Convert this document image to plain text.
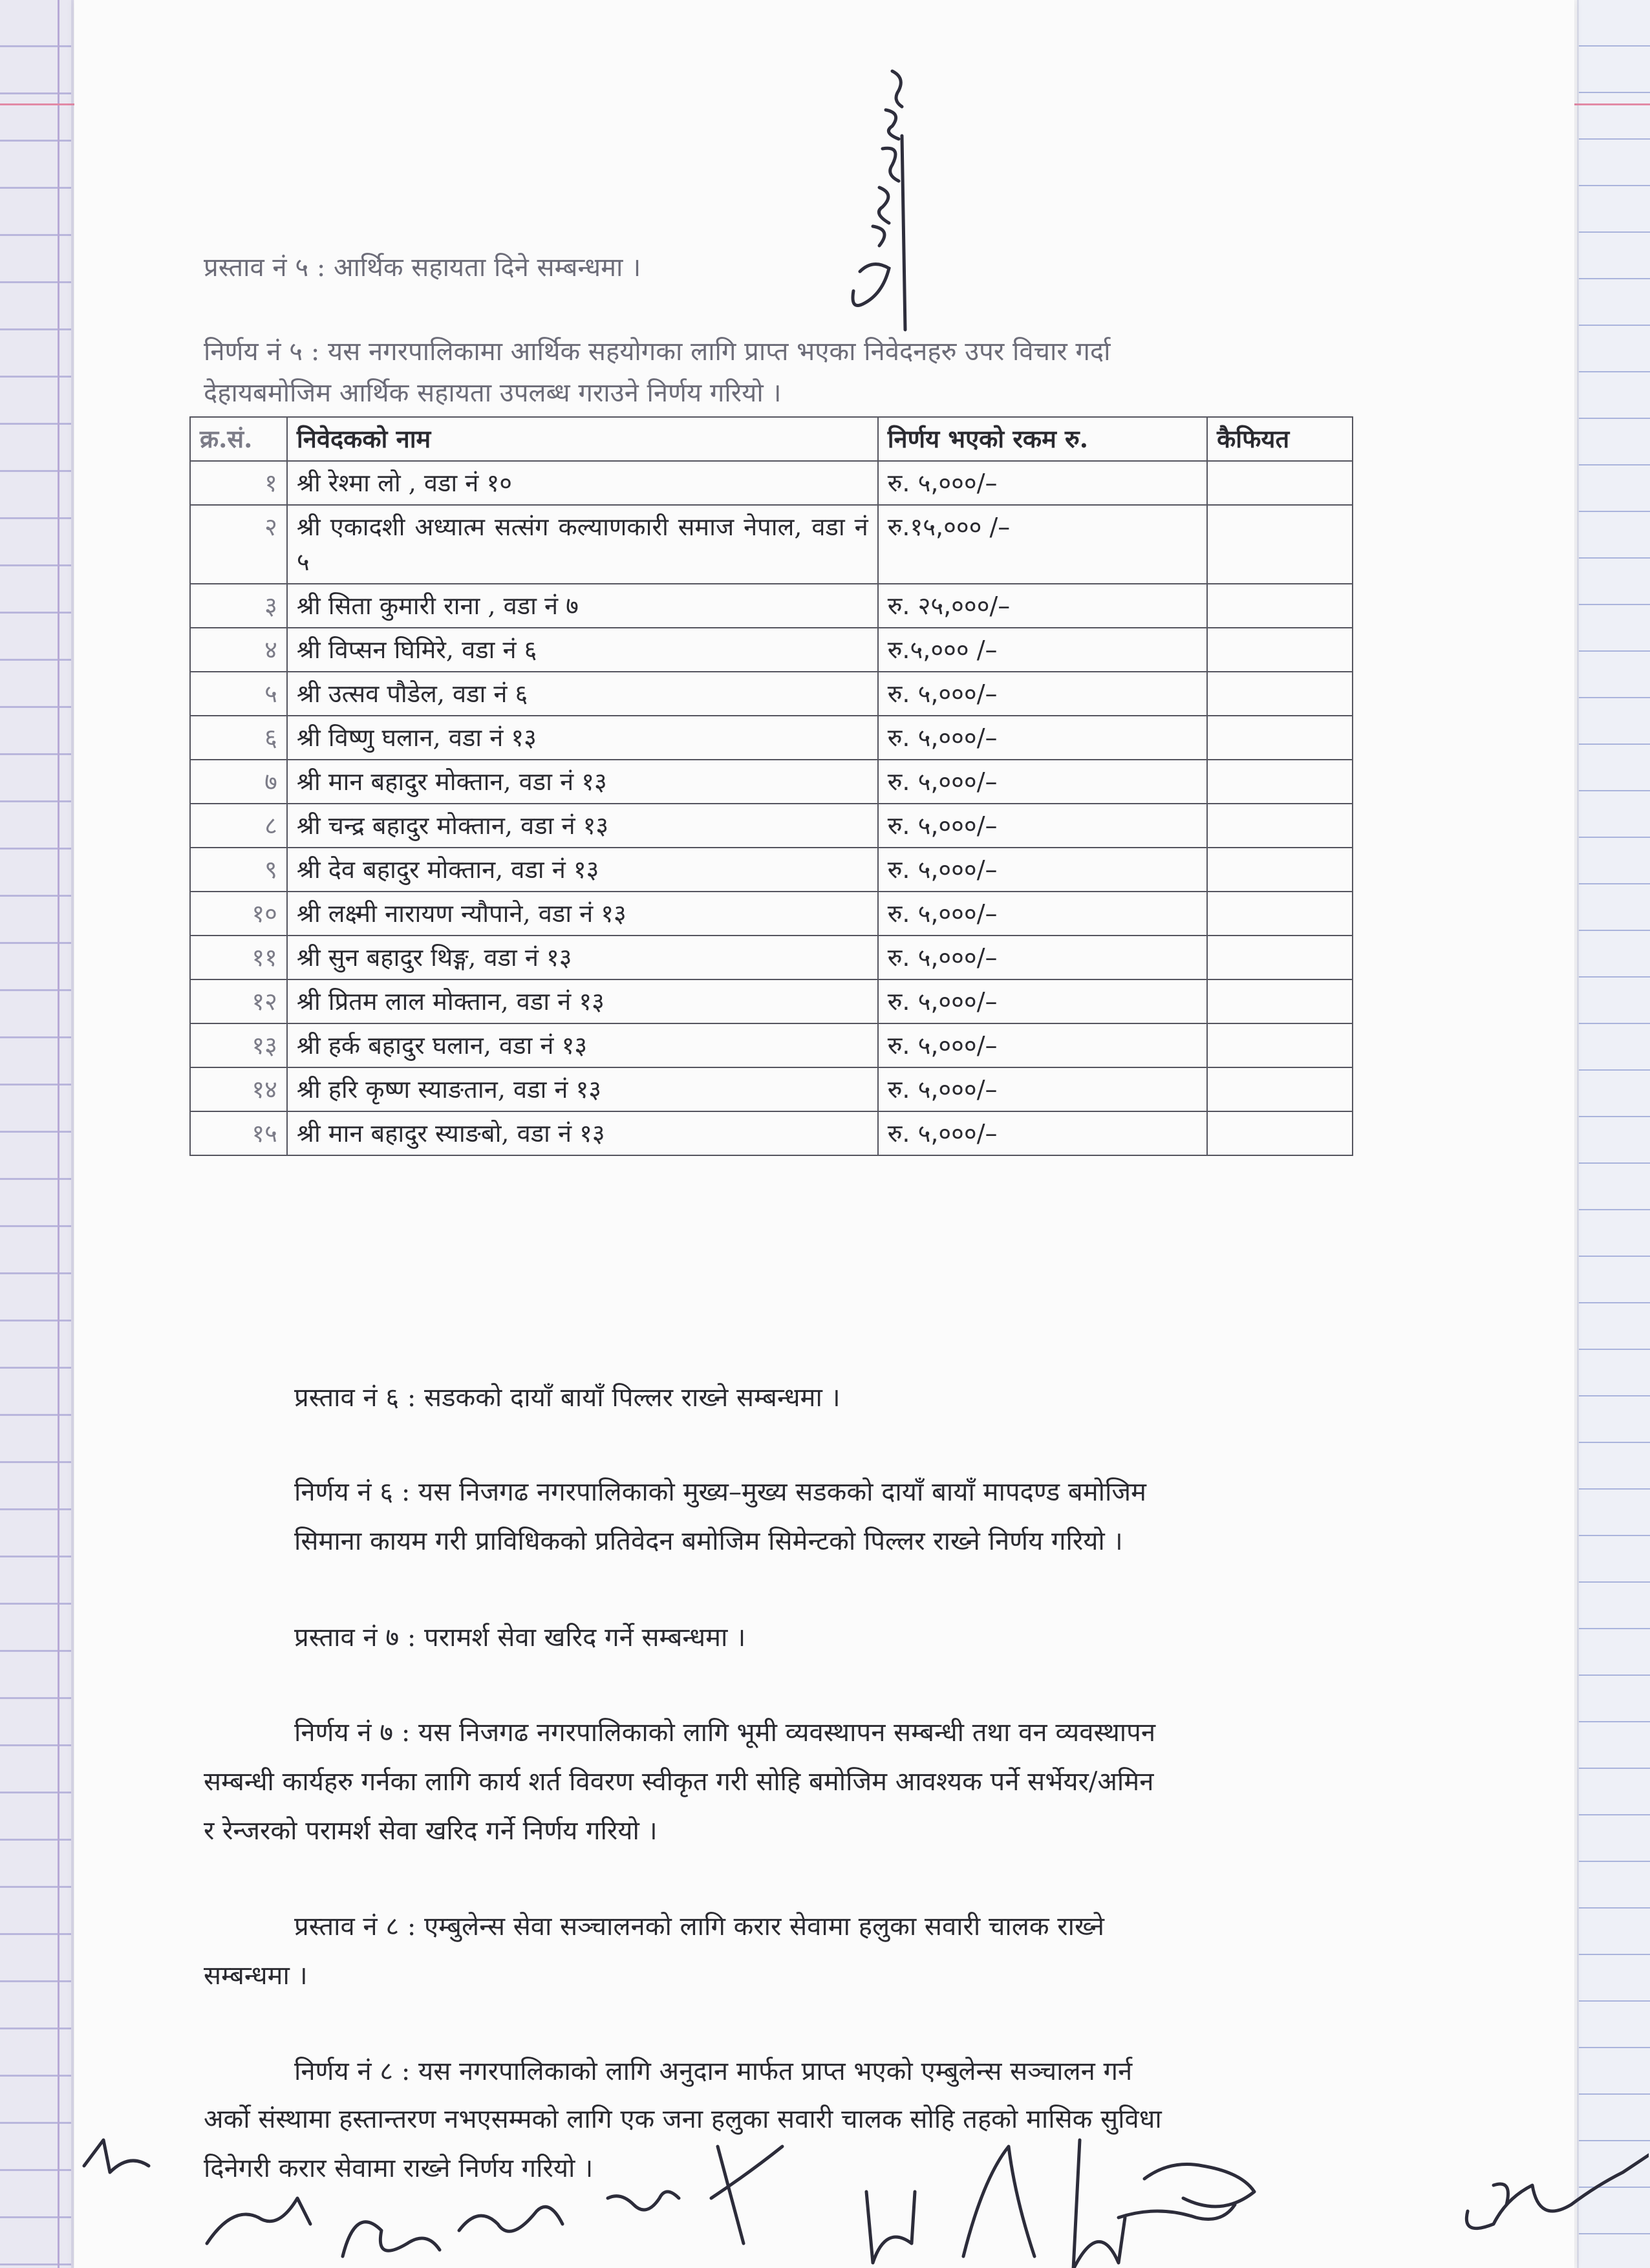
प्रस्ताव नं ५ : आर्थिक सहायता दिने सम्बन्धमा ।
निर्णय नं ५ : यस नगरपालिकामा आर्थिक सहयोगका लागि प्राप्त भएका निवेदनहरु उपर विचार गर्दा
देहायबमोजिम आर्थिक सहायता उपलब्ध गराउने निर्णय गरियो ।
क्र.सं.	निवेदकको नाम	निर्णय भएको रकम रु.	कैफियत
१	श्री रेश्मा लो , वडा नं १०	रु. ५,०००/–	
२	श्री एकादशी अध्यात्म सत्संग कल्याणकारी समाज नेपाल, वडा नं ५	रु.१५,००० /–	
३	श्री सिता कुमारी राना , वडा नं ७	रु. २५,०००/–	
४	श्री विप्सन घिमिरे, वडा नं ६	रु.५,००० /–	
५	श्री उत्सव पौडेल, वडा नं ६	रु. ५,०००/–	
६	श्री विष्णु घलान, वडा नं १३	रु. ५,०००/–	
७	श्री मान बहादुर मोक्तान, वडा नं १३	रु. ५,०००/–	
८	श्री चन्द्र बहादुर मोक्तान, वडा नं १३	रु. ५,०००/–	
९	श्री देव बहादुर मोक्तान, वडा नं १३	रु. ५,०००/–	
१०	श्री लक्ष्मी नारायण न्यौपाने, वडा नं १३	रु. ५,०००/–	
११	श्री सुन बहादुर थिङ्ग, वडा नं १३	रु. ५,०००/–	
१२	श्री प्रितम लाल मोक्तान, वडा नं १३	रु. ५,०००/–	
१३	श्री हर्क बहादुर घलान, वडा नं १३	रु. ५,०००/–	
१४	श्री हरि कृष्ण स्याङतान, वडा नं १३	रु. ५,०००/–	
१५	श्री मान बहादुर स्याङबो, वडा नं १३	रु. ५,०००/–	
प्रस्ताव नं ६ : सडकको दायाँ बायाँ पिल्लर राख्ने सम्बन्धमा ।
निर्णय नं ६ : यस निजगढ नगरपालिकाको मुख्य–मुख्य सडकको दायाँ बायाँ मापदण्ड बमोजिम
सिमाना कायम गरी प्राविधिकको प्रतिवेदन बमोजिम सिमेन्टको पिल्लर राख्ने निर्णय गरियो ।
प्रस्ताव नं ७ : परामर्श सेवा खरिद गर्ने सम्बन्धमा ।
निर्णय नं ७ : यस निजगढ नगरपालिकाको लागि भूमी व्यवस्थापन सम्बन्धी तथा वन व्यवस्थापन
सम्बन्धी कार्यहरु गर्नका लागि कार्य शर्त विवरण स्वीकृत गरी सोहि बमोजिम आवश्यक पर्ने सर्भेयर/अमिन
र रेन्जरको परामर्श सेवा खरिद गर्ने निर्णय गरियो ।
प्रस्ताव नं ८ : एम्बुलेन्स सेवा सञ्चालनको लागि करार सेवामा हलुका सवारी चालक राख्ने
सम्बन्धमा ।
निर्णय नं ८ : यस नगरपालिकाको लागि अनुदान मार्फत प्राप्त भएको एम्बुलेन्स सञ्चालन गर्न
अर्को संस्थामा हस्तान्तरण नभएसम्मको लागि एक जना हलुका सवारी चालक सोहि तहको मासिक सुविधा
दिनेगरी करार सेवामा राख्ने निर्णय गरियो ।
